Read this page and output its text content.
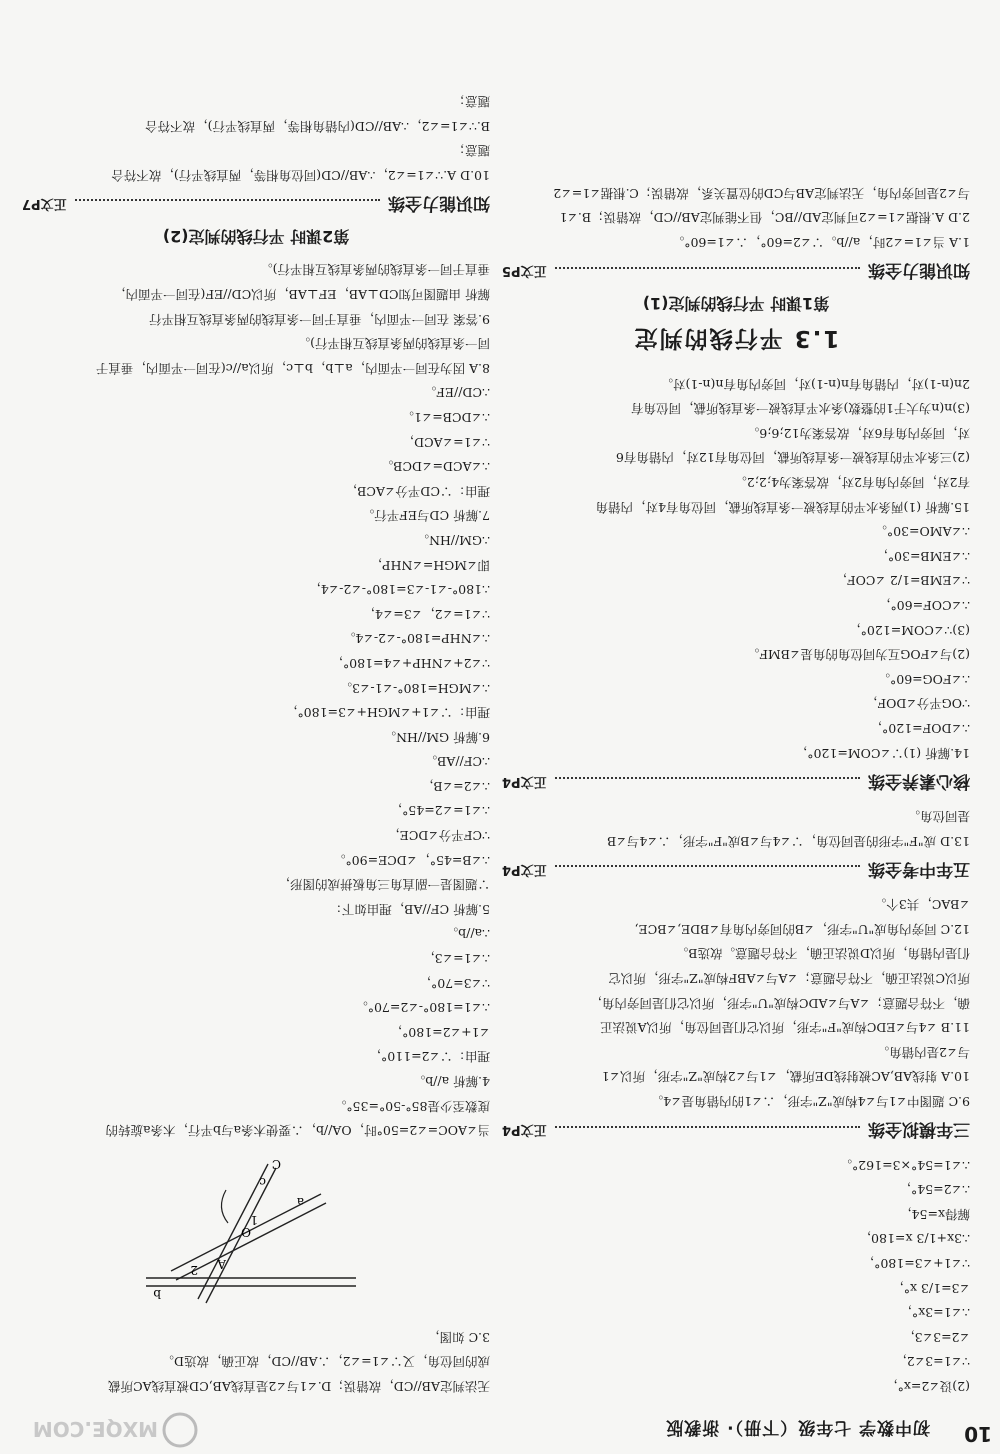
10
初中数学 七年级（下册）· 浙教版
MXQE.COM

(2)设∠2=x°，

∵∠1=3∠2，

∠2=3∠3，

∴∠1=3x°，

∠3=1/3 x°，

∵∠1+∠3=180°，

∴3x+1/3 x=180，

解得x=54，

∴∠2=54°，

∴∠1=54°×3=162°。

三年模拟全练
正文P4

9.C 题图中∠1与∠4构成"Z"字形，∴∠1的内错角是∠4。

10.A 射线AB,AC被射线DE所截，∠1与∠2构成"Z"字形，所以∠1

与∠2是内错角。

11.B ∠4与∠EDC构成"F"字形，所以它们是同位角，所以A说法正

确，不符合题意；∠A与∠ADC构成"U"字形，所以它们是同旁内角，

所以C说法正确，不符合题意；∠A与∠ABF构成"Z"字形，所以它

们是内错角，所以D说法正确，不符合题意。故选B。

12.C 同旁内角成"U"字形，∠B的同旁内角有∠BDE,∠BCE,

∠BAC，共3个。

五年中考全练
正文P4

13.D 成"F"字形的是同位角，∵∠4与∠B成"F"字形，∴∠4与∠B

是同位角。

核心素养全练
正文P4

14.解析 (1)∵∠COM=120°，

∴∠DOF=120°，

∵OG平分∠DOF，

∴∠FOG=60°。

(2)与∠FOG互为同位角的角是∠BMF。

(3)∵∠COM=120°，

∴∠COF=60°，

∵∠EMB=1/2 ∠COF，

∴∠EMB=30°，

∴∠AMO=30°。

15.解析 (1)两条水平的直线被一条直线所截，同位角有4对，内错角

有2对，同旁内角有2对，故答案为4;2;2。

(2)三条水平的直线被一条直线所截，同位角有12对，内错角有6

对，同旁内角有6对，故答案为12;6;6。

(3)n(n为大于1的整数)条水平直线被一条直线所截，同位角有

2n(n-1)对，内错角有n(n-1)对，同旁内角有n(n-1)对。

1.3 平行线的判定
第1课时 平行线的判定(1)
知识能力全练
正文P5

1.A 当∠1=∠2时，a//b。∵∠2=60°，∴∠1=60°。

2.D A.根据∠1=∠2可判定AD//BC，但不能判定AB//CD，故错误；B.∠1

与∠2是同旁内角，无法判定AB与CD的位置关系，故错误；C.根据∠1=∠2

无法判定AB//CD，故错误；D.∠1与∠2是直线AB,CD被直线AC所截

成的同位角，又∵∠1=∠2，∴AB//CD，故正确，故选D。

3.C 如图，

a
b
c
C
A
O
1
2

当∠AOC=∠2=50°时，OA//b，∴要使木条a与b平行，木条a旋转的

度数至少是85°-50°=35°。

4.解析 a//b。

理由：∵∠2=110°，

∠1+∠2=180°，

∴∠1=180°-∠2=70°。

∵∠3=70°，

∴∠1=∠3，

∴a//b。

5.解析 CF//AB，理由如下：

∵题图是一副直角三角板拼成的图形，

∴∠B=45°，∠DCE=90°。

∵CF平分∠DCE，

∴∠1=∠2=45°，

∴∠2=∠B，

∴CF//AB。

6.解析 GM//HN。

理由：∵∠1+∠MGH+∠3=180°，

∴∠MGH=180°-∠1-∠3。

∵∠2+∠NHP+∠4=180°，

∴∠NHP=180°-∠2-∠4。

∵∠1=∠2，∠3=∠4，

∴180°-∠1-∠3=180°-∠2-∠4，

即∠MGH=∠NHP，

∴GM//HN。

7.解析 CD与EF平行。

理由：∵CD平分∠ACB，

∴∠ACD=∠DCB。

∵∠1=∠ACD，

∴∠DCB=∠1。

∴CD//EF。

8.A 因为在同一平面内，a⊥b，b⊥c，所以a//c(在同一平面内，垂直于

同一条直线的两条直线互相平行)。

9.答案 在同一平面内，垂直于同一条直线的两条直线互相平行

解析 由题图可知CD⊥AB，EF⊥AB，所以CD//EF(在同一平面内，

垂直于同一条直线的两条直线互相平行)。

第2课时 平行线的判定(2)
知识能力全练
正文P7

10.D A.∵∠1=∠2，∴AB//CD(同位角相等，两直线平行)，故不符合

题意；

B.∵∠1=∠2，∴AB//CD(内错角相等，两直线平行)，故不符合

题意；
